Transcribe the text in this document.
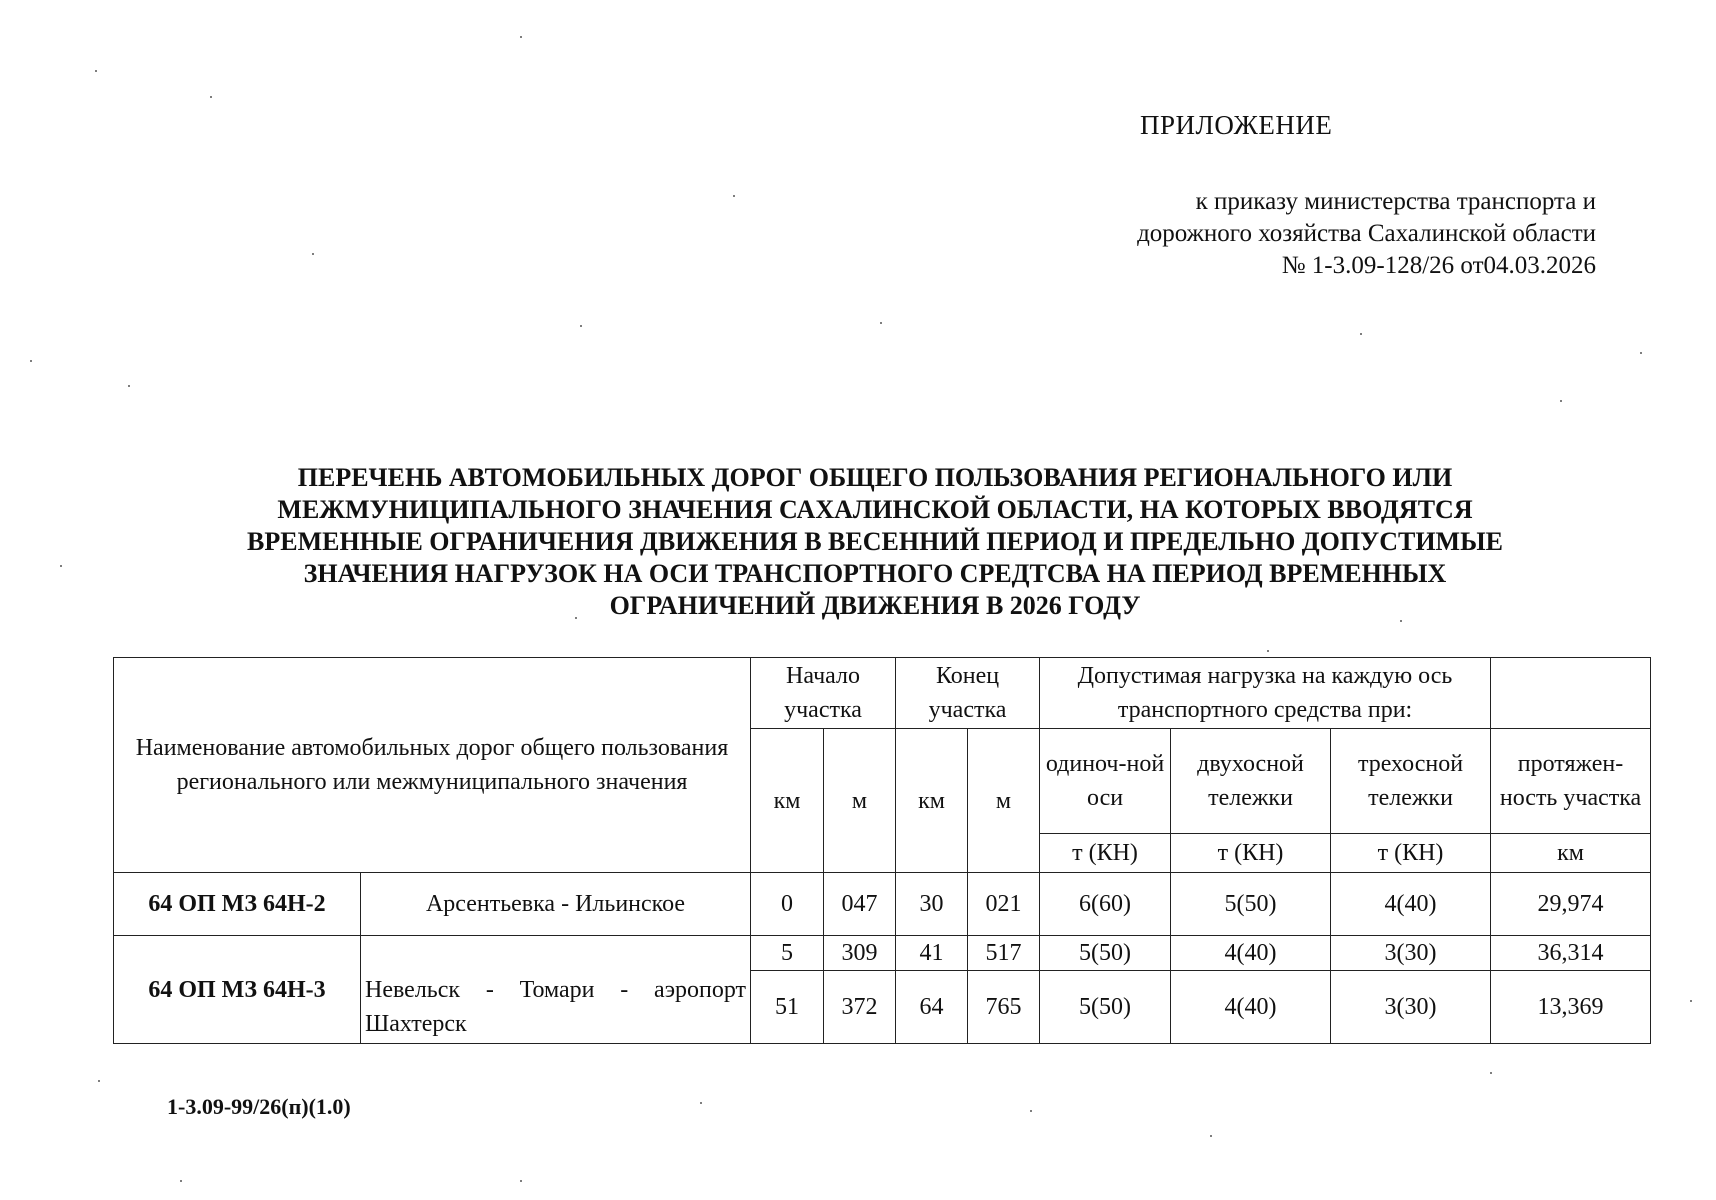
ПРИЛОЖЕНИЕ
к приказу министерства транспорта и
дорожного хозяйства Сахалинской области
№ 1-3.09-128/26 от04.03.2026
ПЕРЕЧЕНЬ АВТОМОБИЛЬНЫХ ДОРОГ ОБЩЕГО ПОЛЬЗОВАНИЯ РЕГИОНАЛЬНОГО ИЛИ
МЕЖМУНИЦИПАЛЬНОГО ЗНАЧЕНИЯ САХАЛИНСКОЙ ОБЛАСТИ, НА КОТОРЫХ ВВОДЯТСЯ
ВРЕМЕННЫЕ ОГРАНИЧЕНИЯ ДВИЖЕНИЯ В ВЕСЕННИЙ ПЕРИОД И ПРЕДЕЛЬНО ДОПУСТИМЫЕ
ЗНАЧЕНИЯ НАГРУЗОК НА ОСИ ТРАНСПОРТНОГО СРЕДТСВА НА ПЕРИОД ВРЕМЕННЫХ
ОГРАНИЧЕНИЙ ДВИЖЕНИЯ В 2026 ГОДУ
Наименование автомобильных дорог общего пользования регионального или межмуниципального значения		Начало участка		Конец участка		Допустимая нагрузка на каждую ось транспортного средства при:			
		км	м	км	м	одиноч-ной оси	двухосной тележки	трехосной тележки	протяжен-ность участка
						т (КН)	т (КН)	т (КН)	км
64 ОП МЗ 64Н-2	Арсентьевка - Ильинское	0	047	30	021	6(60)	5(50)	4(40)	29,974
64 ОП МЗ 64Н-3	Невельск - Томари - аэропорт Шахтерск	5	309	41	517	5(50)	4(40)	3(30)	36,314
		51	372	64	765	5(50)	4(40)	3(30)	13,369
1-3.09-99/26(п)(1.0)
